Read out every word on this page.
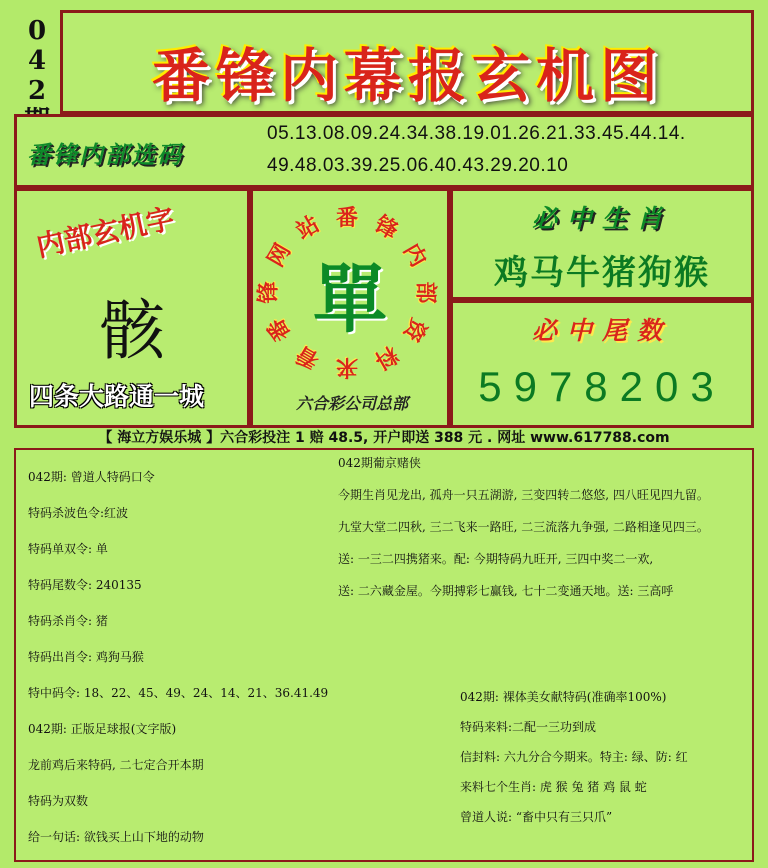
042	番锋内幕报玄机图
番锋内部选码
05.13.08.09.24.34.38.19.01.26.21.33.45.44.14.
49.48.03.39.25.06.40.43.29.20.10
内部玄机字
骸
四条大路通一城
番 锋
内
部
资
料
来
看
番
锋
网
站
單
六合彩公司总部
必中生肖
鸡马牛猪狗猴
必中尾数
5978203
【 海立方娱乐城 】六合彩投注 1 赔 48.5, 开户即送 388 元 . 网址 www.617788.com
042期: 曾道人特码口令
特码杀波色令:红波
特码单双令: 单
特码尾数令: 240135
特码杀肖令: 猪
特码出肖令: 鸡狗马猴
特中码令: 18、22、45、49、24、14、21、36.41.49
042期: 正版足球报(文字版)
龙前鸡后来特码, 二七定合开本期
特码为双数
给一句话: 欲钱买上山下地的动物
042期葡京赌侠
今期生肖见龙出, 孤舟一只五湖游, 三变四转二悠悠, 四八旺见四九留。
九堂大堂二四秋, 三二飞来一路旺, 二三流落九争强, 二路相逢见四三。
送: 一三二四携猪来。配: 今期特码九旺开, 三四中奖二一欢,
送: 二六藏金屋。今期搏彩七赢钱, 七十二变通天地。送: 三高呼
042期: 裸体美女献特码(准确率100%)
特码来料:二配一三功到成
信封料: 六九分合今期来。特主: 绿、防: 红
来料七个生肖: 虎 猴 兔 猪 鸡 鼠 蛇
曾道人说: “畜中只有三只爪”
